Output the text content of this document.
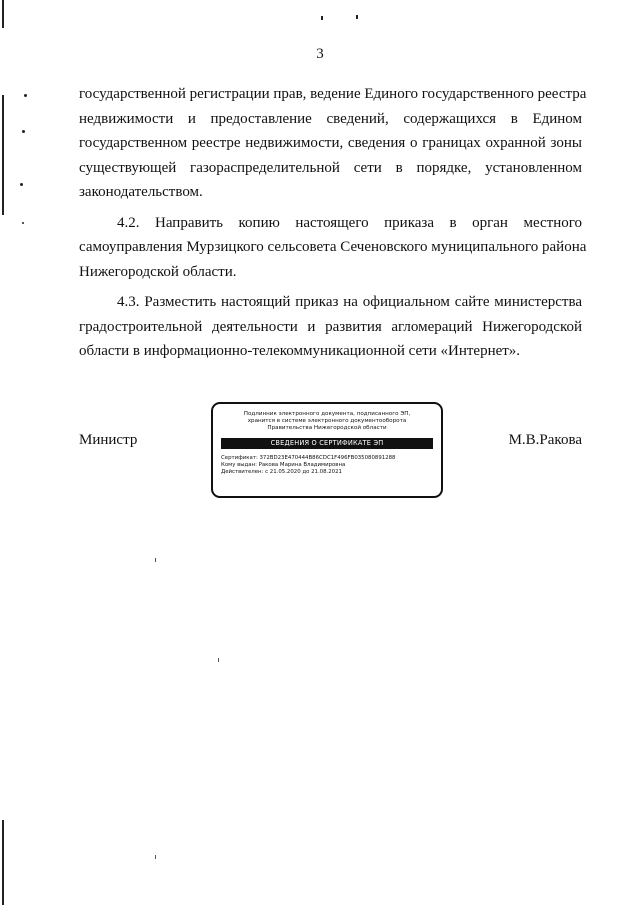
3
государственной регистрации прав, ведение Единого государственного реестра
недвижимости и предоставление сведений, содержащихся в Едином
государственном реестре недвижимости, сведения о границах охранной зоны
существующей газораспределительной сети в порядке, установленном
законодательством.
4.2. Направить копию настоящего приказа в орган местного
самоуправления Мурзицкого сельсовета Сеченовского муниципального района
Нижегородской области.
4.3. Разместить настоящий приказ на официальном сайте министерства
градостроительной деятельности и развития агломераций Нижегородской
области в информационно-телекоммуникационной сети «Интернет».
Министр
Подлинник электронного документа, подписанного ЭП,
хранится в системе электронного документооборота
Правительства Нижегородской области
СВЕДЕНИЯ О СЕРТИФИКАТЕ ЭП
Сертификат: 372BD23E470444B86CDC1F496FB035080891288
Кому выдан: Ракова Марина Владимировна
Действителен: с 21.05.2020 до 21.08.2021
М.В.Ракова
